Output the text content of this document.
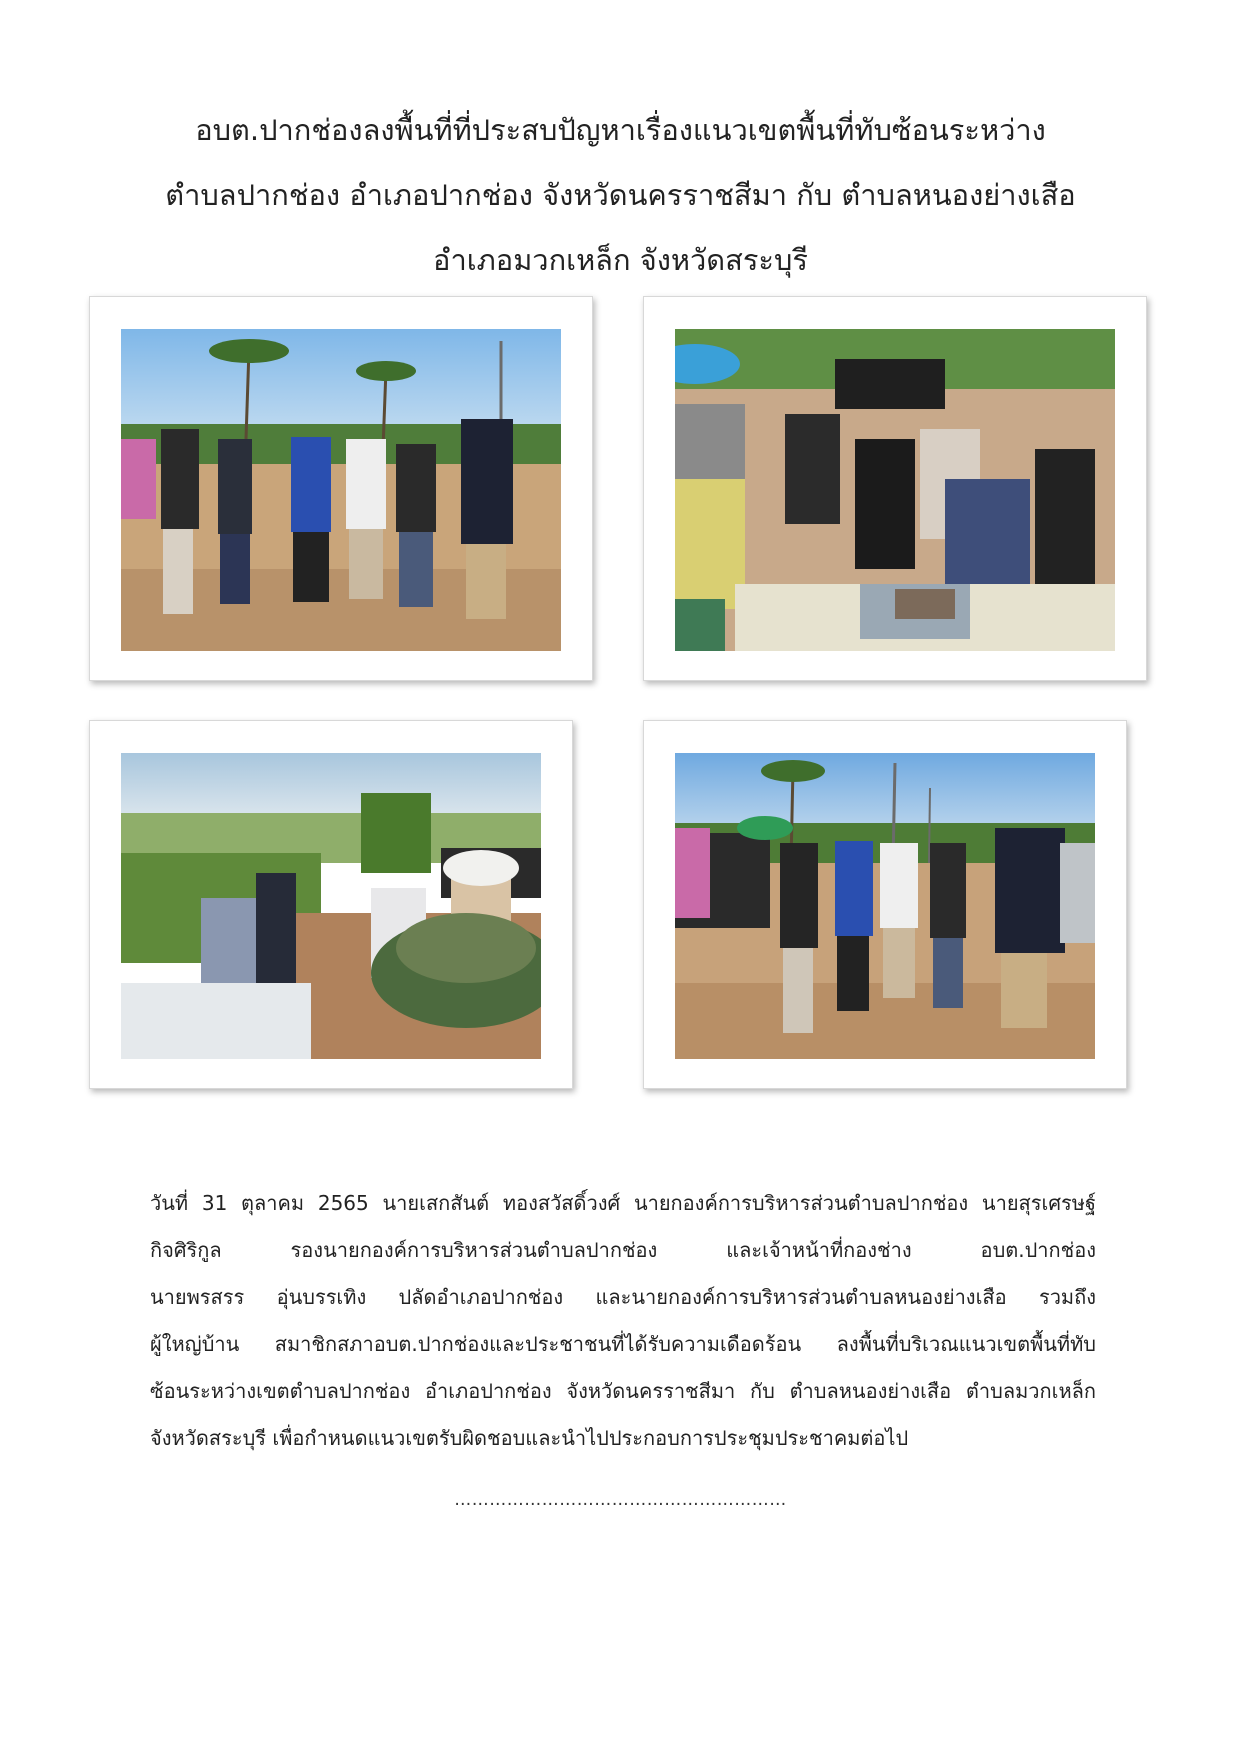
อบต.ปากช่องลงพื้นที่ที่ประสบปัญหาเรื่องแนวเขตพื้นที่ทับซ้อนระหว่าง
ตำบลปากช่อง อำเภอปากช่อง จังหวัดนครราชสีมา กับ ตำบลหนองย่างเสือ
อำเภอมวกเหล็ก จังหวัดสระบุรี
วันที่ 31 ตุลาคม 2565 นายเสกสันต์ ทองสวัสดิ์วงศ์ นายกองค์การบริหารส่วนตำบลปากช่อง นายสุรเศรษฐ์
กิจศิริกูล รองนายกองค์การบริหารส่วนตำบลปากช่อง และเจ้าหน้าที่กองช่าง อบต.ปากช่อง
นายพรสรร อุ่นบรรเทิง ปลัดอำเภอปากช่อง และนายกองค์การบริหารส่วนตำบลหนองย่างเสือ รวมถึง
ผู้ใหญ่บ้าน สมาชิกสภาอบต.ปากช่องและประชาชนที่ได้รับความเดือดร้อน ลงพื้นที่บริเวณแนวเขตพื้นที่ทับ
ซ้อนระหว่างเขตตำบลปากช่อง อำเภอปากช่อง จังหวัดนครราชสีมา กับ ตำบลหนองย่างเสือ ตำบลมวกเหล็ก
จังหวัดสระบุรี เพื่อกำหนดแนวเขตรับผิดชอบและนำไปประกอบการประชุมประชาคมต่อไป
…………………………………………………
